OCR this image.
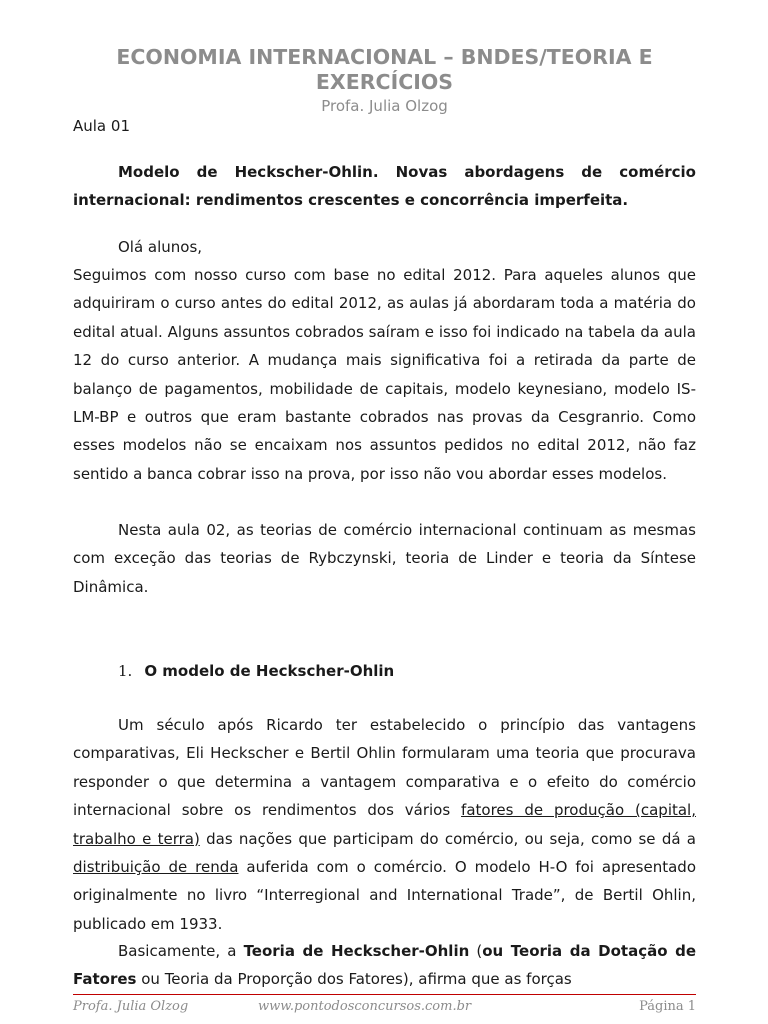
ECONOMIA INTERNACIONAL – BNDES/TEORIA E
EXERCÍCIOS
Profa. Julia Olzog
Aula 01
Modelo de Heckscher-Ohlin. Novas abordagens de comércio internacional: rendimentos crescentes e concorrência imperfeita.
Olá alunos,
Seguimos com nosso curso com base no edital 2012. Para aqueles alunos que adquiriram o curso antes do edital 2012, as aulas já abordaram toda a matéria do edital atual. Alguns assuntos cobrados saíram e isso foi indicado na tabela da aula 12 do curso anterior. A mudança mais significativa foi a retirada da parte de balanço de pagamentos, mobilidade de capitais, modelo keynesiano, modelo IS-LM-BP e outros que eram bastante cobrados nas provas da Cesgranrio. Como esses modelos não se encaixam nos assuntos pedidos no edital 2012, não faz sentido a banca cobrar isso na prova, por isso não vou abordar esses modelos.
Nesta aula 02, as teorias de comércio internacional continuam as mesmas com exceção das teorias de Rybczynski, teoria de Linder e teoria da Síntese Dinâmica.
1. O modelo de Heckscher-Ohlin
Um século após Ricardo ter estabelecido o princípio das vantagens comparativas, Eli Heckscher e Bertil Ohlin formularam uma teoria que procurava responder o que determina a vantagem comparativa e o efeito do comércio internacional sobre os rendimentos dos vários fatores de produção (capital, trabalho e terra) das nações que participam do comércio, ou seja, como se dá a distribuição de renda auferida com o comércio. O modelo H-O foi apresentado originalmente no livro “Interregional and International Trade”, de Bertil Ohlin, publicado em 1933.
Basicamente, a Teoria de Heckscher-Ohlin (ou Teoria da Dotação de Fatores ou Teoria da Proporção dos Fatores), afirma que as forças
Profa. Julia Olzog	www.pontodosconcursos.com.br	Página 1
